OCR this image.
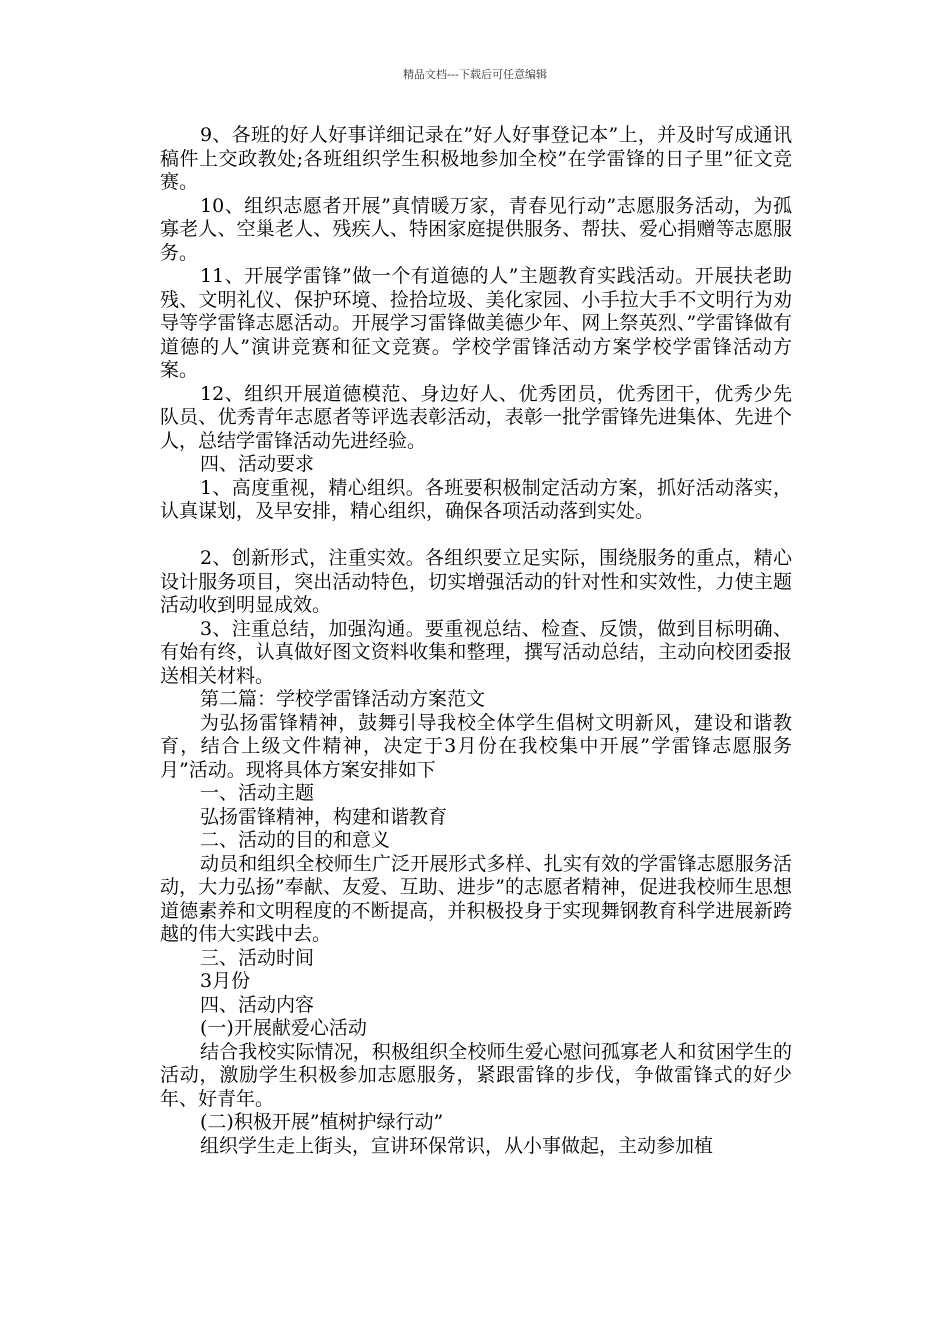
精品文档---下载后可任意编辑

9、各班的好人好事详细记录在”好人好事登记本”上，并及时写成通讯稿件上交政教处;各班组织学生积极地参加全校”在学雷锋的日子里”征文竞赛。

10、组织志愿者开展”真情暖万家，青春见行动”志愿服务活动，为孤寡老人、空巢老人、残疾人、特困家庭提供服务、帮扶、爱心捐赠等志愿服务。

11、开展学雷锋”做一个有道德的人”主题教育实践活动。开展扶老助残、文明礼仪、保护环境、捡拾垃圾、美化家园、小手拉大手不文明行为劝导等学雷锋志愿活动。开展学习雷锋做美德少年、网上祭英烈、”学雷锋做有道德的人”演讲竞赛和征文竞赛。学校学雷锋活动方案学校学雷锋活动方案。

12、组织开展道德模范、身边好人、优秀团员，优秀团干，优秀少先队员、优秀青年志愿者等评选表彰活动，表彰一批学雷锋先进集体、先进个人，总结学雷锋活动先进经验。

四、活动要求

1、高度重视，精心组织。各班要积极制定活动方案，抓好活动落实，认真谋划，及早安排，精心组织，确保各项活动落到实处。

2、创新形式，注重实效。各组织要立足实际，围绕服务的重点，精心设计服务项目，突出活动特色，切实增强活动的针对性和实效性，力使主题活动收到明显成效。

3、注重总结，加强沟通。要重视总结、检查、反馈，做到目标明确、有始有终，认真做好图文资料收集和整理，撰写活动总结，主动向校团委报送相关材料。

第二篇：学校学雷锋活动方案范文

为弘扬雷锋精神，鼓舞引导我校全体学生倡树文明新风，建设和谐教育，结合上级文件精神，决定于3月份在我校集中开展”学雷锋志愿服务月”活动。现将具体方案安排如下

一、活动主题

弘扬雷锋精神，构建和谐教育

二、活动的目的和意义

动员和组织全校师生广泛开展形式多样、扎实有效的学雷锋志愿服务活动，大力弘扬”奉献、友爱、互助、进步”的志愿者精神，促进我校师生思想道德素养和文明程度的不断提高，并积极投身于实现舞钢教育科学进展新跨越的伟大实践中去。

三、活动时间

3月份

四、活动内容

(一)开展献爱心活动

结合我校实际情况，积极组织全校师生爱心慰问孤寡老人和贫困学生的活动，激励学生积极参加志愿服务，紧跟雷锋的步伐，争做雷锋式的好少年、好青年。

(二)积极开展”植树护绿行动”

组织学生走上街头，宣讲环保常识，从小事做起，主动参加植
